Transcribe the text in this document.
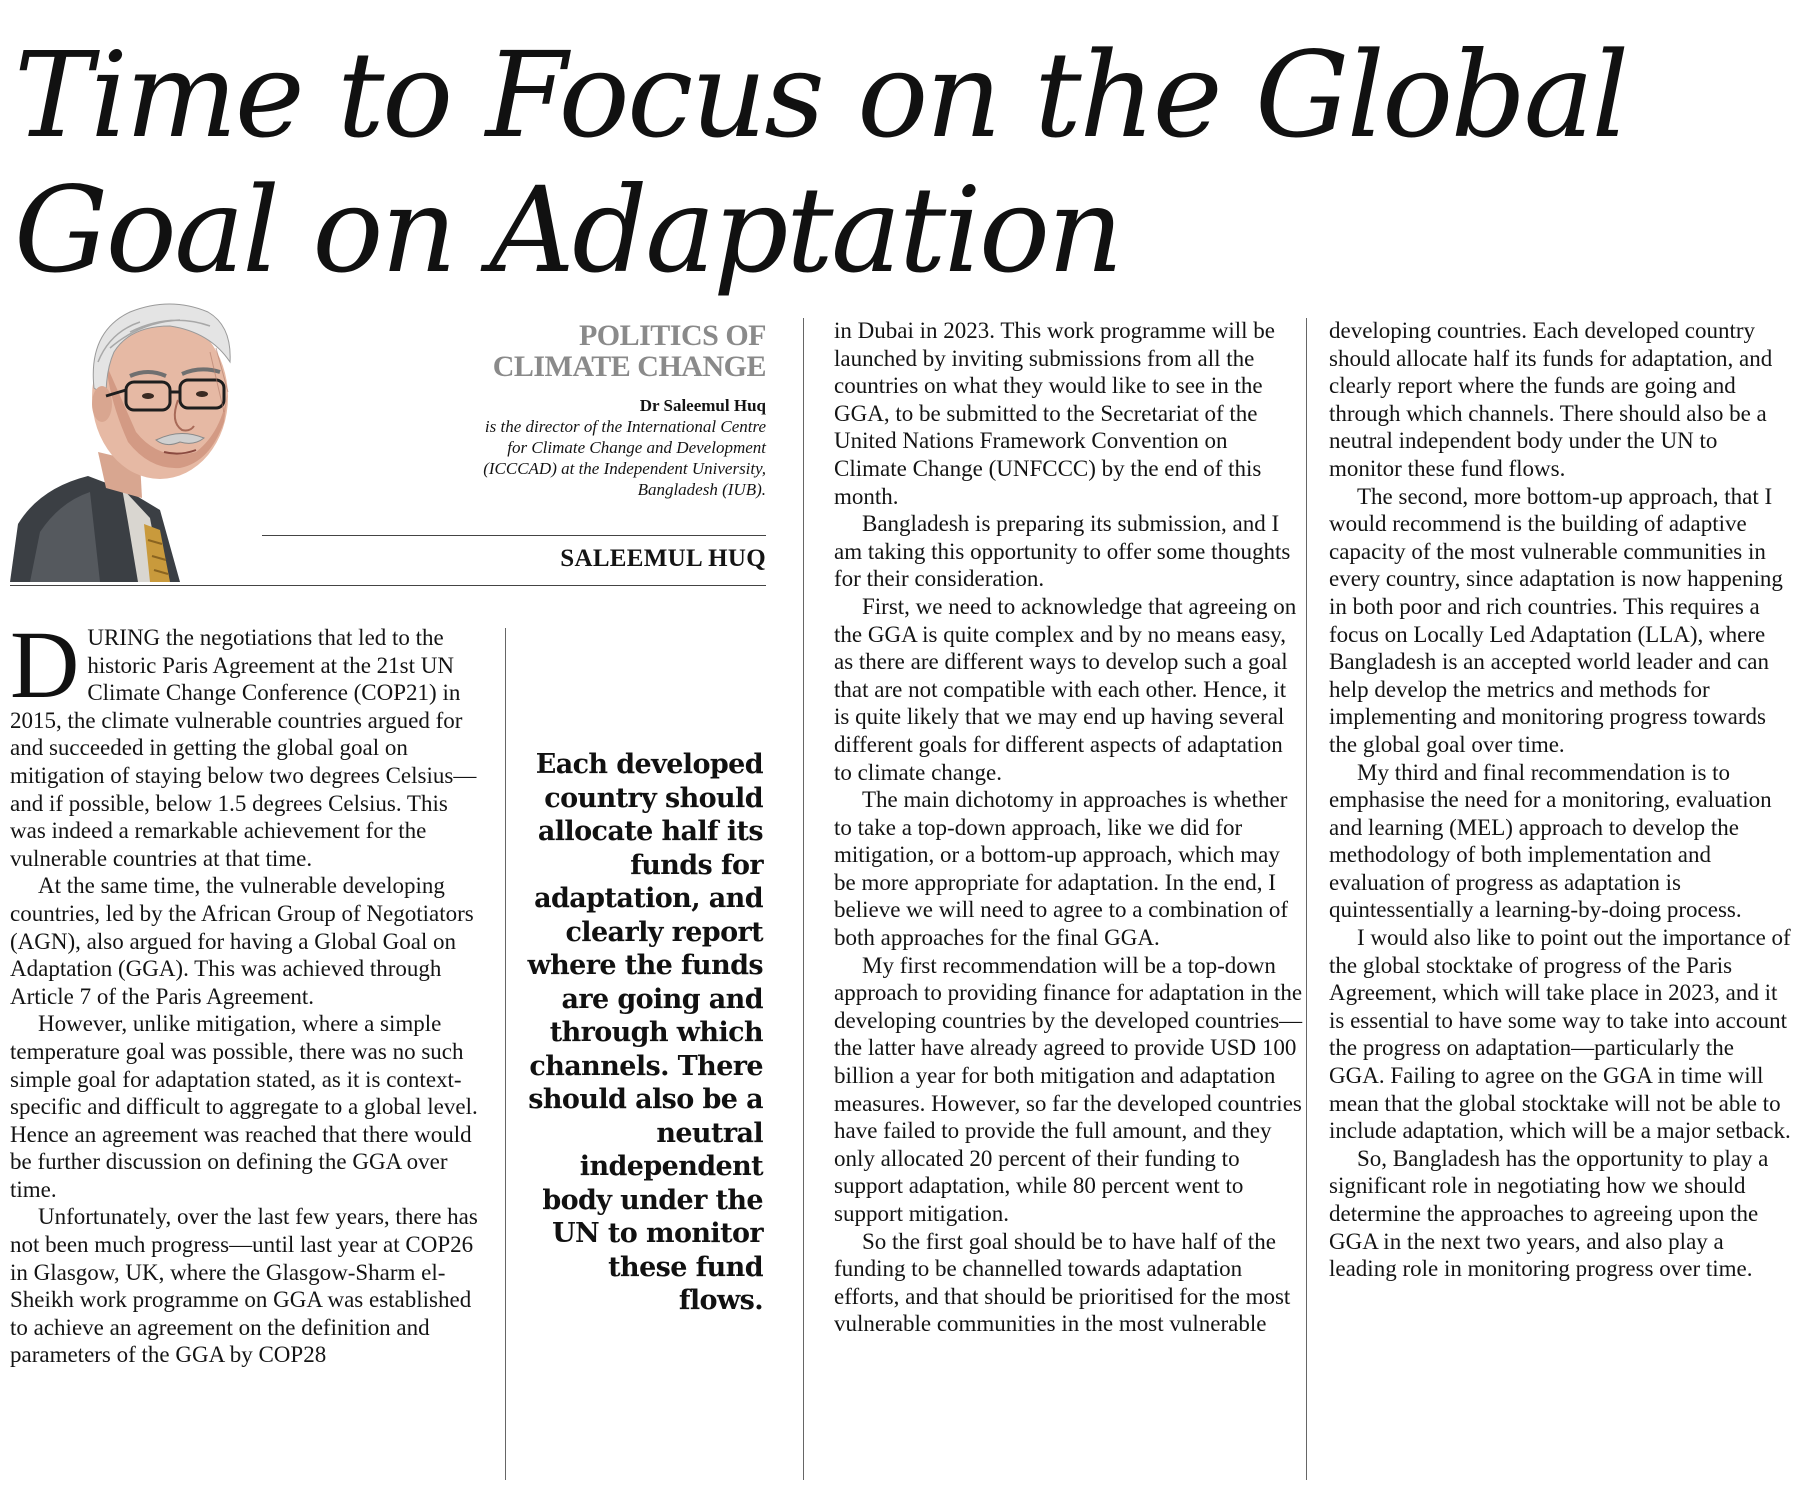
Time to Focus on the Global
Goal on Adaptation
POLITICS OF
CLIMATE CHANGE
Dr Saleemul Huq
is the director of the International Centre
for Climate Change and Development
(ICCCAD) at the Independent University,
Bangladesh (IUB).
SALEEMUL HUQ

DURING the negotiations that led to the historic Paris Agreement at the 21st UN Climate Change Conference (COP21) in 2015, the climate vulnerable countries argued for and succeeded in getting the global goal on mitigation of staying below two degrees Celsius—and if possible, below 1.5 degrees Celsius. This was indeed a remarkable achievement for the vulnerable countries at that time.

At the same time, the vulnerable developing countries, led by the African Group of Negotiators (AGN), also argued for having a Global Goal on Adaptation (GGA). This was achieved through Article 7 of the Paris Agreement.

However, unlike mitigation, where a simple temperature goal was possible, there was no such simple goal for adaptation stated, as it is context-specific and difficult to aggregate to a global level. Hence an agreement was reached that there would be further discussion on defining the GGA over time.

Unfortunately, over the last few years, there has not been much progress—until last year at COP26 in Glasgow, UK, where the Glasgow-Sharm el-Sheikh work programme on GGA was established to achieve an agreement on the definition and parameters of the GGA by COP28

Each developed country should allocate half its funds for adaptation, and clearly report where the funds are going and through which channels. There should also be a neutral independent body under the UN to monitor these fund flows.

in Dubai in 2023. This work programme will be launched by inviting submissions from all the countries on what they would like to see in the GGA, to be submitted to the Secretariat of the United Nations Framework Convention on Climate Change (UNFCCC) by the end of this month.

Bangladesh is preparing its submission, and I am taking this opportunity to offer some thoughts for their consideration.

First, we need to acknowledge that agreeing on the GGA is quite complex and by no means easy, as there are different ways to develop such a goal that are not compatible with each other. Hence, it is quite likely that we may end up having several different goals for different aspects of adaptation to climate change.

The main dichotomy in approaches is whether to take a top-down approach, like we did for mitigation, or a bottom-up approach, which may be more appropriate for adaptation. In the end, I believe we will need to agree to a combination of both approaches for the final GGA.

My first recommendation will be a top-down approach to providing finance for adaptation in the developing countries by the developed countries—the latter have already agreed to provide USD 100 billion a year for both mitigation and adaptation measures. However, so far the developed countries have failed to provide the full amount, and they only allocated 20 percent of their funding to support adaptation, while 80 percent went to support mitigation.

So the first goal should be to have half of the funding to be channelled towards adaptation efforts, and that should be prioritised for the most vulnerable communities in the most vulnerable

developing countries. Each developed country should allocate half its funds for adaptation, and clearly report where the funds are going and through which channels. There should also be a neutral independent body under the UN to monitor these fund flows.

The second, more bottom-up approach, that I would recommend is the building of adaptive capacity of the most vulnerable communities in every country, since adaptation is now happening in both poor and rich countries. This requires a focus on Locally Led Adaptation (LLA), where Bangladesh is an accepted world leader and can help develop the metrics and methods for implementing and monitoring progress towards the global goal over time.

My third and final recommendation is to emphasise the need for a monitoring, evaluation and learning (MEL) approach to develop the methodology of both implementation and evaluation of progress as adaptation is quintessentially a learning-by-doing process.

I would also like to point out the importance of the global stocktake of progress of the Paris Agreement, which will take place in 2023, and it is essential to have some way to take into account the progress on adaptation—particularly the GGA. Failing to agree on the GGA in time will mean that the global stocktake will not be able to include adaptation, which will be a major setback.

So, Bangladesh has the opportunity to play a significant role in negotiating how we should determine the approaches to agreeing upon the GGA in the next two years, and also play a leading role in monitoring progress over time.
